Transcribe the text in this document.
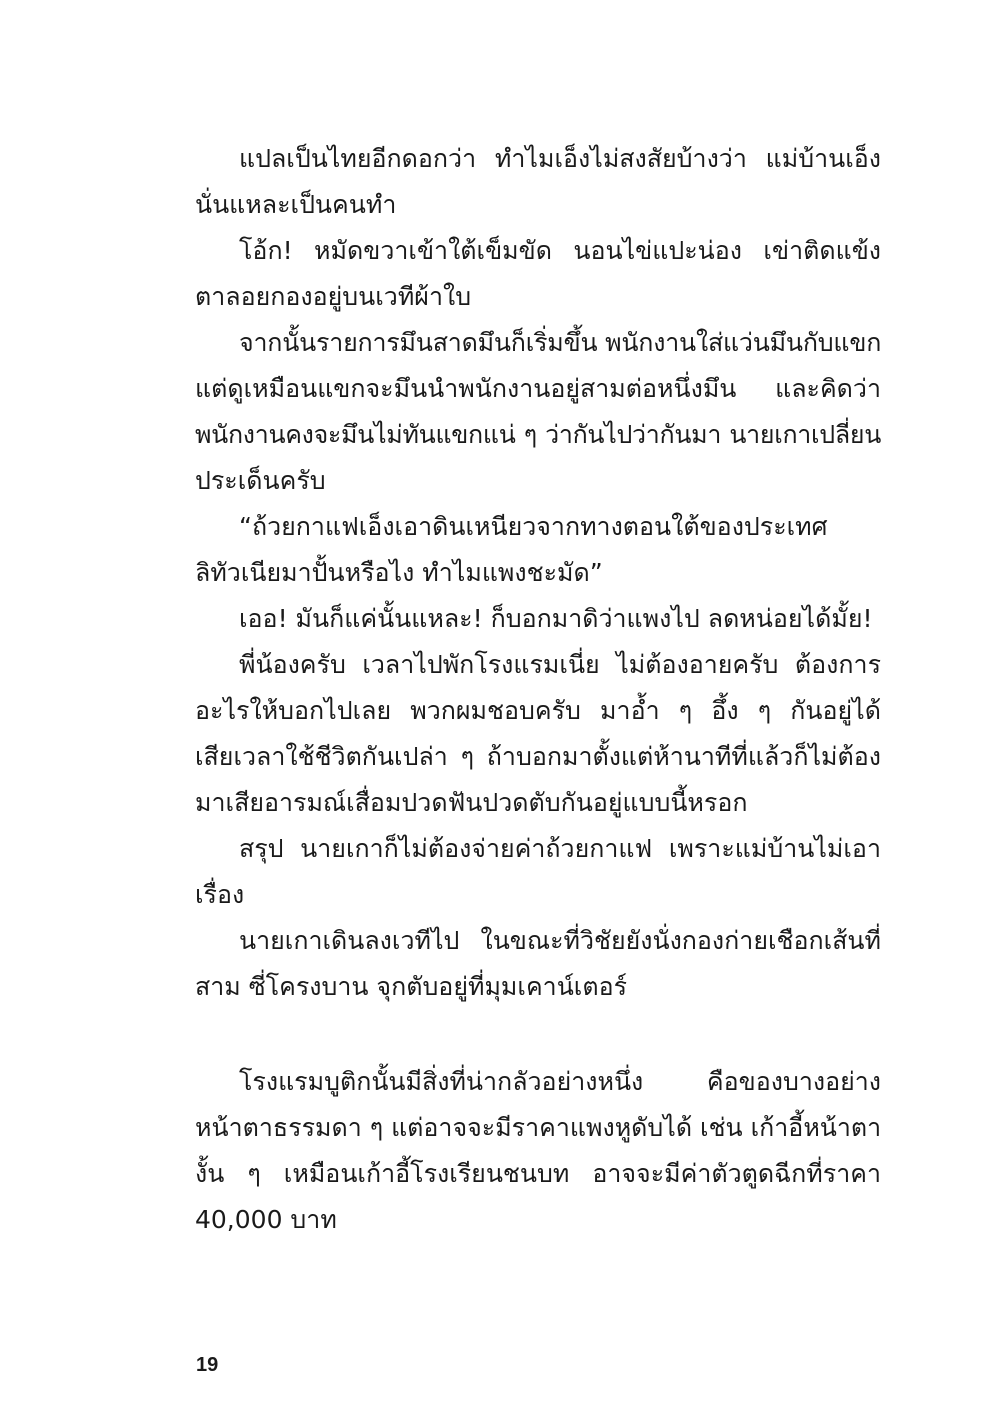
แปลเป็นไทยอีกดอกว่า ทำไมเอ็งไม่สงสัยบ้างว่า แม่บ้านเอ็ง
นั่นแหละเป็นคนทำ

โอ้ก! หมัดขวาเข้าใต้เข็มขัด นอนไข่แปะน่อง เข่าติดแข้ง
ตาลอยกองอยู่บนเวทีผ้าใบ

จากนั้นรายการมึนสาดมึนก็เริ่มขึ้น พนักงานใส่แว่นมึนกับแขก
แต่ดูเหมือนแขกจะมึนนำพนักงานอยู่สามต่อหนึ่งมึน และคิดว่า
พนักงานคงจะมึนไม่ทันแขกแน่ ๆ ว่ากันไปว่ากันมา นายเกาเปลี่ยน
ประเด็นครับ

“ถ้วยกาแฟเอ็งเอาดินเหนียวจากทางตอนใต้ของประเทศ
ลิทัวเนียมาปั้นหรือไง ทำไมแพงชะมัด”

เออ! มันก็แค่นั้นแหละ! ก็บอกมาดิว่าแพงไป ลดหน่อยได้มั้ย!

พี่น้องครับ เวลาไปพักโรงแรมเนี่ย ไม่ต้องอายครับ ต้องการ
อะไรให้บอกไปเลย พวกผมชอบครับ มาอ้ำ ๆ อึ้ง ๆ กันอยู่ได้
เสียเวลาใช้ชีวิตกันเปล่า ๆ ถ้าบอกมาตั้งแต่ห้านาทีที่แล้วก็ไม่ต้อง
มาเสียอารมณ์เสื่อมปวดฟันปวดตับกันอยู่แบบนี้หรอก

สรุป นายเกาก็ไม่ต้องจ่ายค่าถ้วยกาแฟ เพราะแม่บ้านไม่เอา
เรื่อง

นายเกาเดินลงเวทีไป ในขณะที่วิชัยยังนั่งกองก่ายเชือกเส้นที่
สาม ซี่โครงบาน จุกตับอยู่ที่มุมเคาน์เตอร์

โรงแรมบูติกนั้นมีสิ่งที่น่ากลัวอย่างหนึ่ง คือของบางอย่าง
หน้าตาธรรมดา ๆ แต่อาจจะมีราคาแพงหูดับได้ เช่น เก้าอี้หน้าตา
งั้น ๆ เหมือนเก้าอี้โรงเรียนชนบท อาจจะมีค่าตัวตูดฉีกที่ราคา
40,000 บาท

19
